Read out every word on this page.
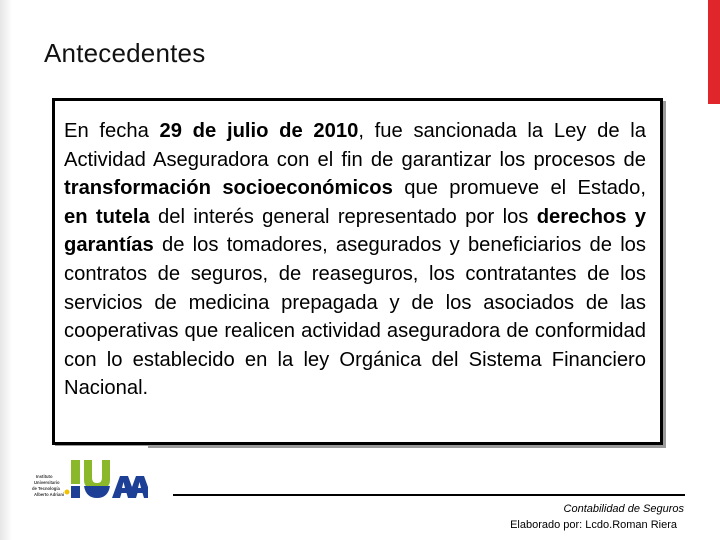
Antecedentes

En fecha 29 de julio de 2010, fue sancionada la Ley de la Actividad Aseguradora con el fin de garantizar los procesos de transformación socioeconómicos que promueve el Estado, en tutela del interés general representado por los derechos y garantías de los tomadores, asegurados y beneficiarios de los contratos de seguros, de reaseguros, los contratantes de los servicios de medicina prepagada y de los asociados de las cooperativas que realicen actividad aseguradora de conformidad con lo establecido en la ley Orgánica del Sistema Financiero Nacional.

Instituto
Universitario
de Tecnología
Alberto Adriani
Contabilidad de Seguros
Elaborado por: Lcdo.Roman Riera
